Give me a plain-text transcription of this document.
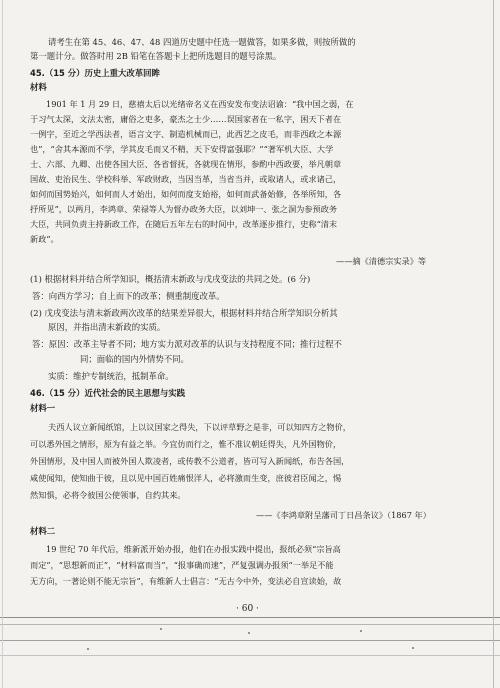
请考生在第 45、46、47、48 四道历史题中任选一题做答，如果多做，则按所做的
第一题计分。做答时用 2B 铅笔在答题卡上把所选题目的题号涂黑。
45.（15 分）历史上重大改革回眸
材料
1901 年 1 月 29 日，慈禧太后以光绪帝名义在西安发布变法诏谕：“我中国之弱，在
于习气太深，文法太密，庸俗之吏多，豪杰之士少……误国家者在一私字，困天下者在
一例字，至近之学西法者，语言文字、制造机械而已，此西艺之皮毛，而非西政之本源
也”，“舍其本源而不学，学其皮毛而又不精，天下安得富强耶？”“著军机大臣、大学
士、六部、九卿、出使各国大臣、各省督抚，各就现在情形，参酌中西政要，举凡朝章
国故、吏治民生、学校科举、军政财政，当因当革，当省当并，或取诸人，或求诸己，
如何而国势始兴，如何而人才始出，如何而度支始裕，如何而武备始修，各举所知，各
抒所见”，以两月，李鸿章、荣禄等人为督办政务大臣，以刘坤一、张之洞为参预政务
大臣，共同负责主持新政工作，在随后五年左右的时间中，改革逐步推行，史称“清末
新政”。
——摘《清德宗实录》等
(1) 根据材料并结合所学知识，概括清末新政与戊戌变法的共同之处。(6 分)
答：向西方学习；自上而下的改革；侧重制度改革。
(2) 戊戌变法与清末新政两次改革的结果差异很大，根据材料并结合所学知识分析其
原因，并指出清末新政的实质。
答：原因：改革主导者不同；地方实力派对改革的认识与支持程度不同；推行过程不
同；面临的国内外情势不同。
实质：维护专制统治，抵制革命。
46.（15 分）近代社会的民主思想与实践
材料一
夫西人议立新闻纸馆，上以议国家之得失，下以评草野之是非，可以知四方之物价，
可以悉外国之情形，原为有益之举。今宜仿而行之，惟不准议朝廷得失，凡外国物价，
外国情形，及中国人而被外国人欺凌者，或传教不公道者，皆可写入新闻纸，布告各国，
咸使闻知，使知曲于彼，且以见中国百姓痛恨洋人，必将激而生变，庶彼君臣闻之，惕
然知惧，必将令彼国公使领事，自约其来。
——《李鸿章附呈藩司丁日昌条议》（1867 年）
材料二
19 世纪 70 年代后，维新派开始办报，他们在办报实践中提出，报纸必须“宗旨高
而定”，“思想新而正”，“材料富而当”，“报事确而速”，严复强调办报须“一举足不能
无方向，一著论则不能无宗旨”，有维新人士倡言：“无古今中外，变法必自宣读始，故
· 60 ·
